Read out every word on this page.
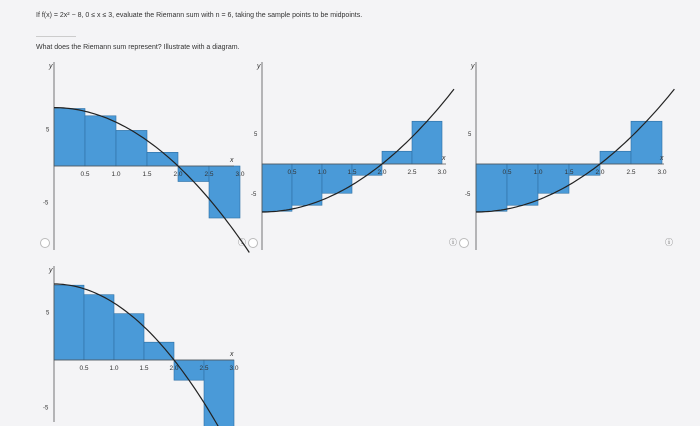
If f(x) = 2x² − 8, 0 ≤ x ≤ 3, evaluate the Riemann sum with n = 6, taking the sample points to be midpoints.
What does the Riemann sum represent? Illustrate with a diagram.
0.5	1.0	1.5	2.0	2.5	3.0
y
x
5
-5
ⓘ
0.5	1.0	1.5	2.0	2.5	3.0
y
x
5
-5
ⓘ
0.5	1.0	1.5	2.0	2.5	3.0
y
x
5
-5
ⓘ
0.5	1.0	1.5	2.0	2.5	3.0
y
x
5
-5
